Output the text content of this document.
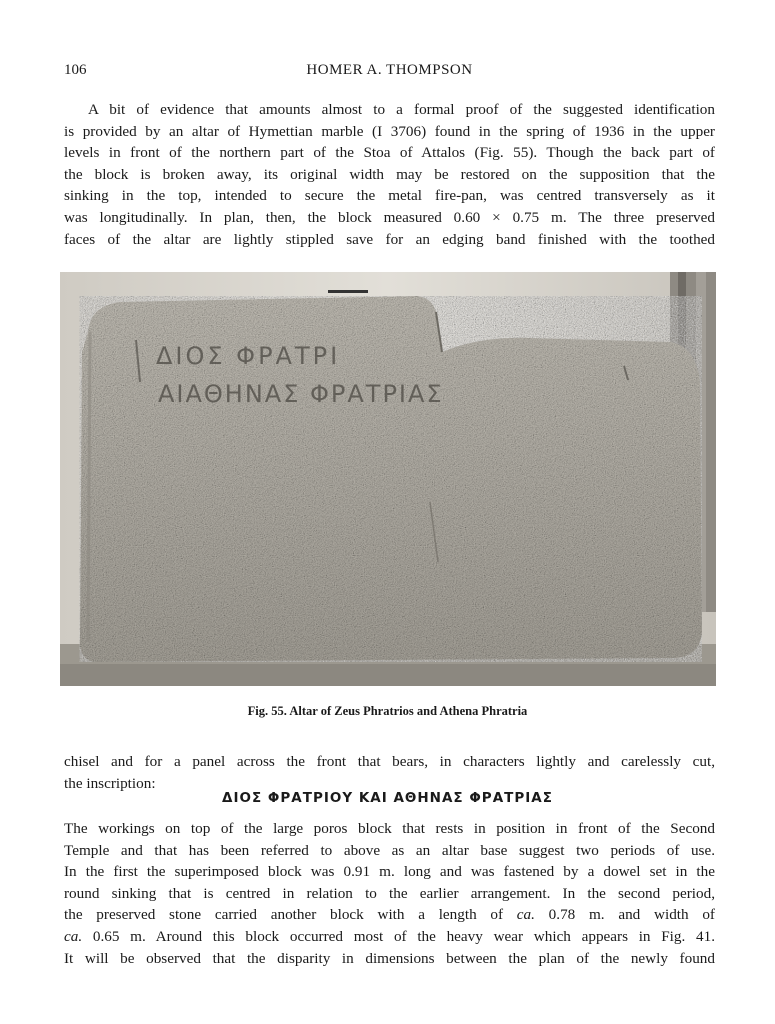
106	HOMER A. THOMPSON
A bit of evidence that amounts almost to a formal proof of the suggested identification
is provided by an altar of Hymettian marble (I 3706) found in the spring of 1936 in the upper
levels in front of the northern part of the Stoa of Attalos (Fig. 55). Though the back part of
the block is broken away, its original width may be restored on the supposition that the
sinking in the top, intended to secure the metal fire-pan, was centred transversely as it
was longitudinally. In plan, then, the block measured 0.60 × 0.75 m. The three preserved
faces of the altar are lightly stippled save for an edging band finished with the toothed
ΔΙΟΣ ΦΡΑΤΡΙ
ΑΙΑΘΗΝΑΣ ΦΡΑΤΡΙΑΣ
Fig. 55. Altar of Zeus Phratrios and Athena Phratria
chisel and for a panel across the front that bears, in characters lightly and carelessly cut,
the inscription:
ΔΙΟΣ ΦΡΑΤΡΙΟΥ ΚΑΙ ΑΘΗΝΑΣ ΦΡΑΤΡΙΑΣ
The workings on top of the large poros block that rests in position in front of the Second
Temple and that has been referred to above as an altar base suggest two periods of use.
In the first the superimposed block was 0.91 m. long and was fastened by a dowel set in the
round sinking that is centred in relation to the earlier arrangement. In the second period,
the preserved stone carried another block with a length of ca. 0.78 m. and width of
ca. 0.65 m. Around this block occurred most of the heavy wear which appears in Fig. 41.
It will be observed that the disparity in dimensions between the plan of the newly found
